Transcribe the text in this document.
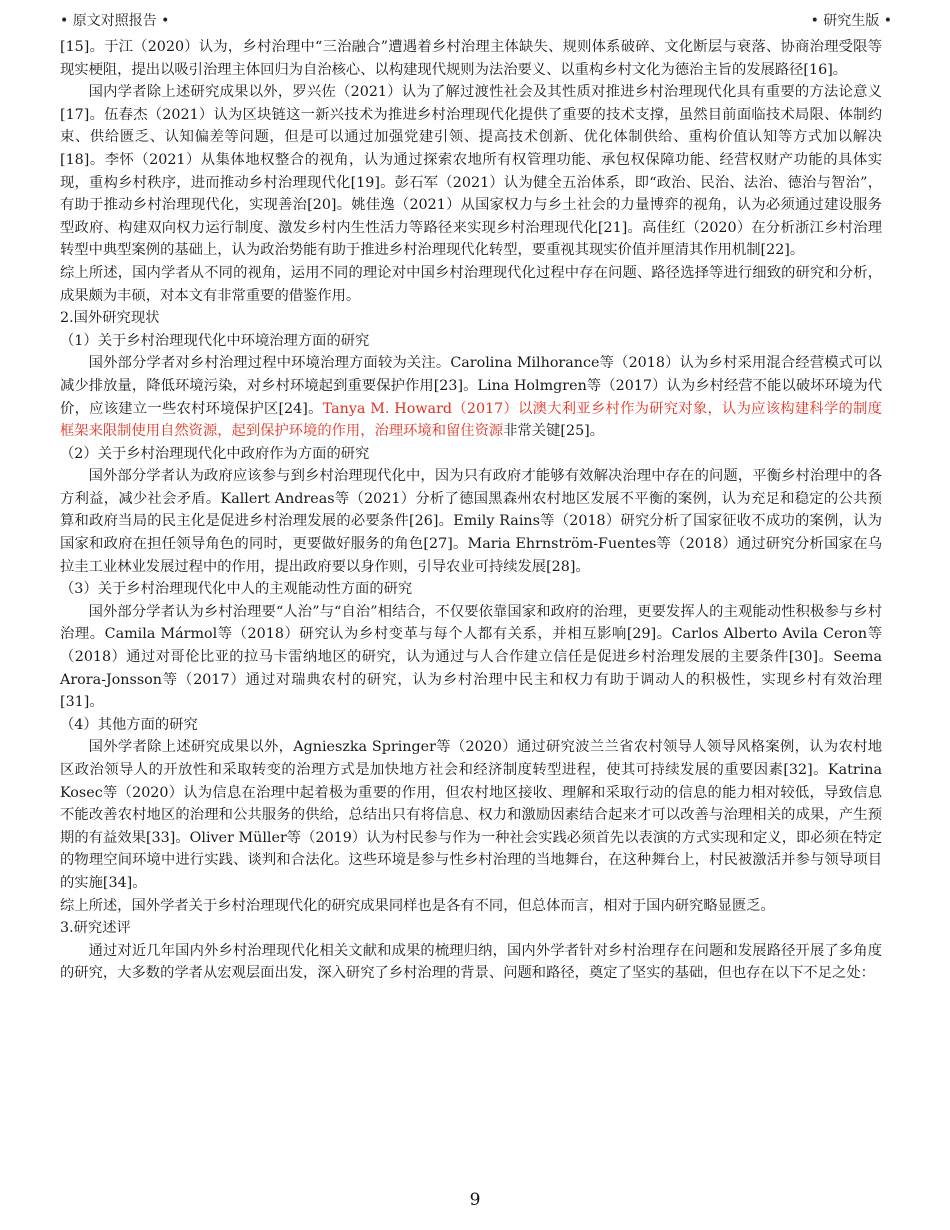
• 原文对照报告 •	• 研究生版 •

[15]。于江（2020）认为，乡村治理中“三治融合”遭遇着乡村治理主体缺失、规则体系破碎、文化断层与衰落、协商治理受限等现实梗阻，提出以吸引治理主体回归为自治核心、以构建现代规则为法治要义、以重构乡村文化为德治主旨的发展路径[16]。

国内学者除上述研究成果以外，罗兴佐（2021）认为了解过渡性社会及其性质对推进乡村治理现代化具有重要的方法论意义[17]。伍春杰（2021）认为区块链这一新兴技术为推进乡村治理现代化提供了重要的技术支撑，虽然目前面临技术局限、体制约束、供给匮乏、认知偏差等问题，但是可以通过加强党建引领、提高技术创新、优化体制供给、重构价值认知等方式加以解决[18]。李怀（2021）从集体地权整合的视角，认为通过探索农地所有权管理功能、承包权保障功能、经营权财产功能的具体实现，重构乡村秩序，进而推动乡村治理现代化[19]。彭石军（2021）认为健全五治体系，即“政治、民治、法治、德治与智治”，有助于推动乡村治理现代化，实现善治[20]。姚佳逸（2021）从国家权力与乡土社会的力量博弈的视角，认为必须通过建设服务型政府、构建双向权力运行制度、激发乡村内生性活力等路径来实现乡村治理现代化[21]。高佳红（2020）在分析浙江乡村治理转型中典型案例的基础上，认为政治势能有助于推进乡村治理现代化转型，要重视其现实价值并厘清其作用机制[22]。

综上所述，国内学者从不同的视角，运用不同的理论对中国乡村治理现代化过程中存在问题、路径选择等进行细致的研究和分析，成果颇为丰硕，对本文有非常重要的借鉴作用。

2.国外研究现状

（1）关于乡村治理现代化中环境治理方面的研究

国外部分学者对乡村治理过程中环境治理方面较为关注。Carolina Milhorance等（2018）认为乡村采用混合经营模式可以减少排放量，降低环境污染，对乡村环境起到重要保护作用[23]。Lina Holmgren等（2017）认为乡村经营不能以破坏环境为代价，应该建立一些农村环境保护区[24]。Tanya M. Howard（2017）以澳大利亚乡村作为研究对象，认为应该构建科学的制度框架来限制使用自然资源，起到保护环境的作用，治理环境和留住资源非常关键[25]。

（2）关于乡村治理现代化中政府作为方面的研究

国外部分学者认为政府应该参与到乡村治理现代化中，因为只有政府才能够有效解决治理中存在的问题，平衡乡村治理中的各方利益，减少社会矛盾。Kallert Andreas等（2021）分析了德国黑森州农村地区发展不平衡的案例，认为充足和稳定的公共预算和政府当局的民主化是促进乡村治理发展的必要条件[26]。Emily Rains等（2018）研究分析了国家征收不成功的案例，认为国家和政府在担任领导角色的同时，更要做好服务的角色[27]。Maria Ehrnström-Fuentes等（2018）通过研究分析国家在乌拉圭工业林业发展过程中的作用，提出政府要以身作则，引导农业可持续发展[28]。

（3）关于乡村治理现代化中人的主观能动性方面的研究

国外部分学者认为乡村治理要“人治”与“自治”相结合，不仅要依靠国家和政府的治理，更要发挥人的主观能动性积极参与乡村治理。Camila Mármol等（2018）研究认为乡村变革与每个人都有关系，并相互影响[29]。Carlos Alberto Avila Ceron等（2018）通过对哥伦比亚的拉马卡雷纳地区的研究，认为通过与人合作建立信任是促进乡村治理发展的主要条件[30]。Seema Arora-Jonsson等（2017）通过对瑞典农村的研究，认为乡村治理中民主和权力有助于调动人的积极性，实现乡村有效治理[31]。

（4）其他方面的研究

国外学者除上述研究成果以外，Agnieszka Springer等（2020）通过研究波兰兰省农村领导人领导风格案例，认为农村地区政治领导人的开放性和采取转变的治理方式是加快地方社会和经济制度转型进程，使其可持续发展的重要因素[32]。Katrina Kosec等（2020）认为信息在治理中起着极为重要的作用，但农村地区接收、理解和采取行动的信息的能力相对较低，导致信息不能改善农村地区的治理和公共服务的供给，总结出只有将信息、权力和激励因素结合起来才可以改善与治理相关的成果，产生预期的有益效果[33]。Oliver Müller等（2019）认为村民参与作为一种社会实践必须首先以表演的方式实现和定义，即必须在特定的物理空间环境中进行实践、谈判和合法化。这些环境是参与性乡村治理的当地舞台，在这种舞台上，村民被激活并参与领导项目的实施[34]。

综上所述，国外学者关于乡村治理现代化的研究成果同样也是各有不同，但总体而言，相对于国内研究略显匮乏。

3.研究述评

通过对近几年国内外乡村治理现代化相关文献和成果的梳理归纳，国内外学者针对乡村治理存在问题和发展路径开展了多角度的研究，大多数的学者从宏观层面出发，深入研究了乡村治理的背景、问题和路径，奠定了坚实的基础，但也存在以下不足之处：

9
